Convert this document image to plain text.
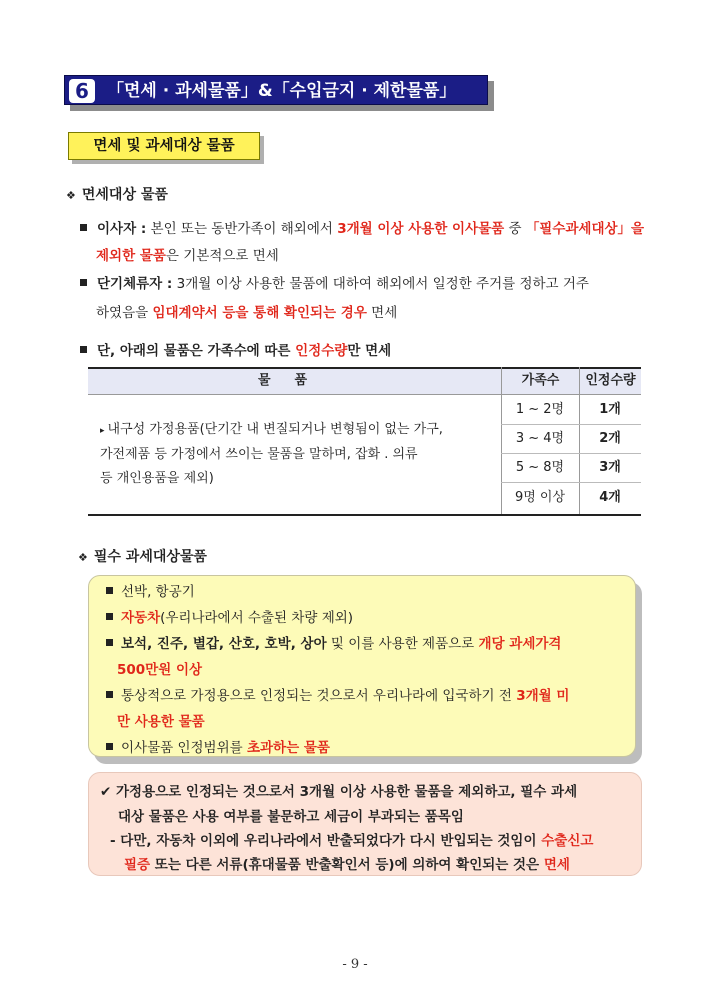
6	「면세 · 과세물품」&「수입금지 · 제한물품」
면세 및 과세대상 물품
❖ 면세대상 물품
이사자 : 본인 또는 동반가족이 해외에서 3개월 이상 사용한 이사물품 중 「필수과세대상」을
제외한 물품은 기본적으로 면세
단기체류자 : 3개월 이상 사용한 물품에 대하여 해외에서 일정한 주거를 정하고 거주
하였음을 임대계약서 등을 통해 확인되는 경우 면세
단, 아래의 물품은 가족수에 따른 인정수량만 면세
물품	가족수	인정수량
▸ 내구성 가정용품(단기간 내 변질되거나 변형됨이 없는 가구,
가전제품 등 가정에서 쓰이는 물품을 말하며, 잡화 . 의류
등 개인용품을 제외)
1 ~ 2명	1개
3 ~ 4명	2개
5 ~ 8명	3개
9명 이상	4개
❖ 필수 과세대상물품
선박, 항공기
자동차(우리나라에서 수출된 차량 제외)
보석, 진주, 별갑, 산호, 호박, 상아 및 이를 사용한 제품으로 개당 과세가격
500만원 이상
통상적으로 가정용으로 인정되는 것으로서 우리나라에 입국하기 전 3개월 미
만 사용한 물품
이사물품 인정범위를 초과하는 물품
✔ 가정용으로 인정되는 것으로서 3개월 이상 사용한 물품을 제외하고, 필수 과세
대상 물품은 사용 여부를 불문하고 세금이 부과되는 품목임
- 다만, 자동차 이외에 우리나라에서 반출되었다가 다시 반입되는 것임이 수출신고
필증 또는 다른 서류(휴대물품 반출확인서 등)에 의하여 확인되는 것은 면세
- 9 -
